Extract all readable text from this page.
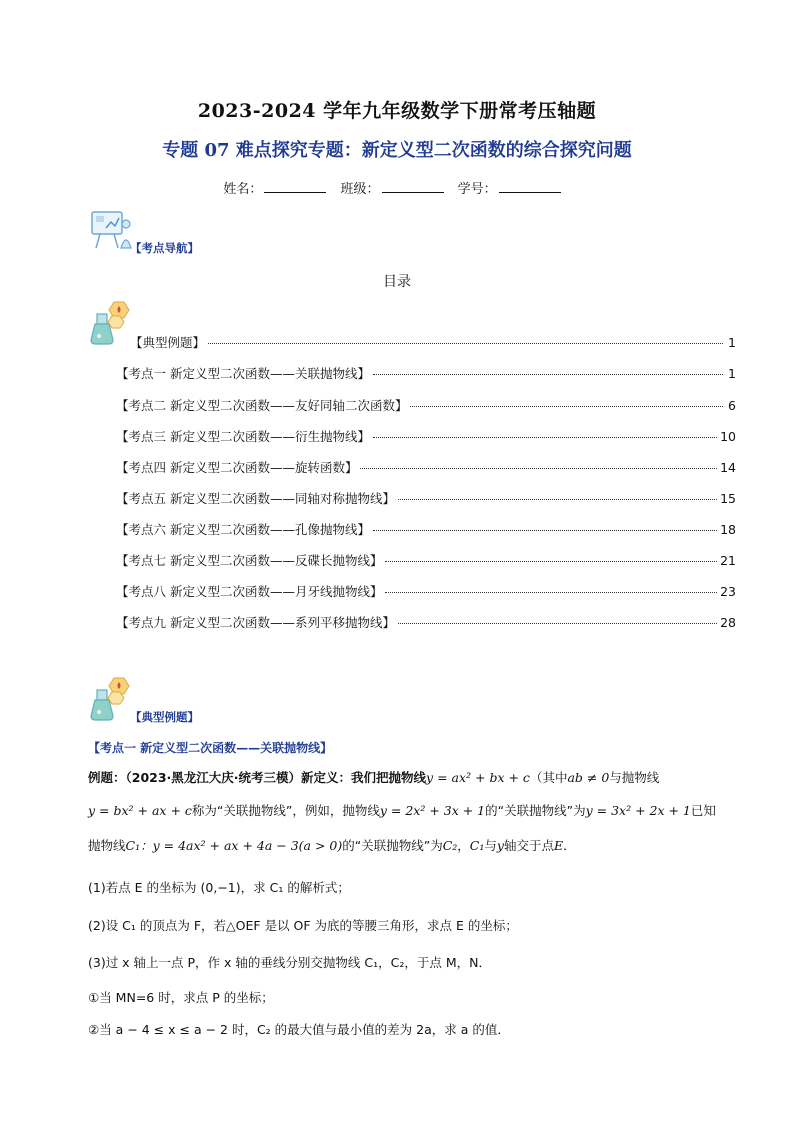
2023-2024 学年九年级数学下册常考压轴题
专题 07 难点探究专题：新定义型二次函数的综合探究问题
姓名：	班级：	学号：
【考点导航】
目录
【典型例题】	1
【考点一 新定义型二次函数——关联抛物线】	1
【考点二 新定义型二次函数——友好同轴二次函数】	6
【考点三 新定义型二次函数——衍生抛物线】	10
【考点四 新定义型二次函数——旋转函数】	14
【考点五 新定义型二次函数——同轴对称抛物线】	15
【考点六 新定义型二次函数——孔像抛物线】	18
【考点七 新定义型二次函数——反碟长抛物线】	21
【考点八 新定义型二次函数——月牙线抛物线】	23
【考点九 新定义型二次函数——系列平移抛物线】	28
【典型例题】
【考点一 新定义型二次函数——关联抛物线】
例题：（2023·黑龙江大庆·统考三模）新定义：我们把抛物线y = ax² + bx + c（其中ab ≠ 0与抛物线
y = bx² + ax + c称为“关联抛物线”，例如，抛物线y = 2x² + 3x + 1的“关联抛物线”为y = 3x² + 2x + 1已知
抛物线C₁：y = 4ax² + ax + 4a − 3(a > 0)的“关联抛物线”为C₂，C₁与y轴交于点E．
(1)若点 E 的坐标为 (0,−1)，求 C₁ 的解析式；
(2)设 C₁ 的顶点为 F，若△OEF 是以 OF 为底的等腰三角形，求点 E 的坐标；
(3)过 x 轴上一点 P，作 x 轴的垂线分别交抛物线 C₁，C₂，于点 M，N．
①当 MN=6 时，求点 P 的坐标；
②当 a − 4 ≤ x ≤ a − 2 时，C₂ 的最大值与最小值的差为 2a，求 a 的值．
